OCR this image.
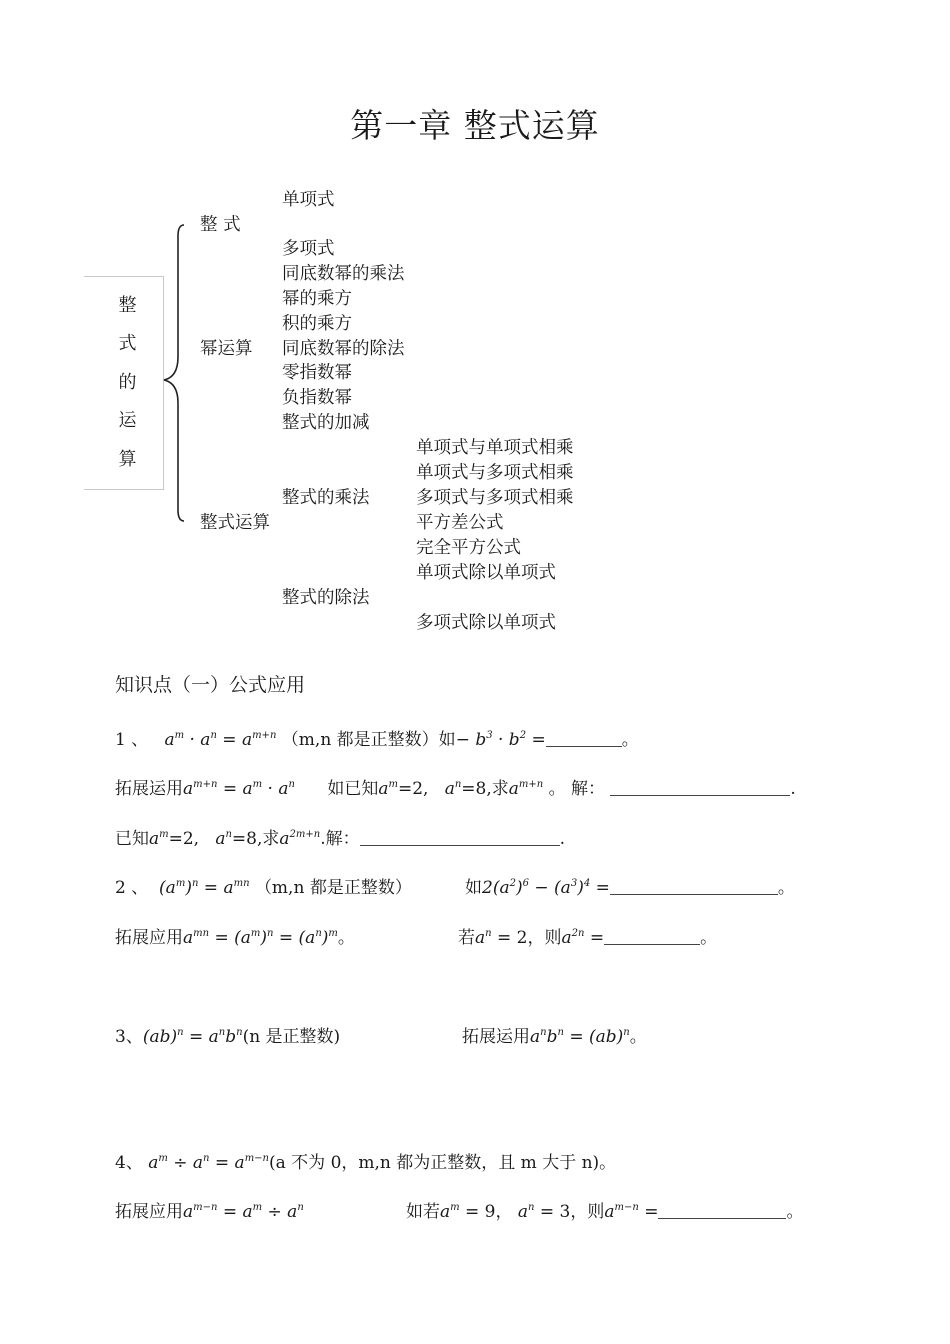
第一章 整式运算
整
式
的
运
算
整 式
幂运算
整式运算
单项式
多项式
同底数幂的乘法
幂的乘方
积的乘方
同底数幂的除法
零指数幂
负指数幂
整式的加减
整式的乘法
整式的除法
单项式与单项式相乘
单项式与多项式相乘
多项式与多项式相乘
平方差公式
完全平方公式
单项式除以单项式
多项式除以单项式
知识点（一）公式应用
1 、 $a^m \cdot a^n = a^{m+n}$ （m,n 都是正整数）如− $b^3 \cdot b^2$ =	。
拓展运用$a^{m+n} = a^m \cdot a^n$ 如已知$a^m=2$, $a^n=8$,求$a^{m+n}$ 。 解：	.
已知$a^m=2$, $a^n=8$,求$a^{2m+n}$.解：	.
2 、 $(a^m)^n = a^{mn}$ （m,n 都是正整数）	如$2(a^2)^6 - (a^3)^4$ =	。
拓展应用$a^{mn} = (a^m)^n = (a^n)^m$。	若$a^n = 2$，则$a^{2n}$ =	。
3、$(ab)^n = a^nb^n(n$ 是正整数)	拓展运用$a^nb^n = (ab)^n$。
4、 $a^m \div a^n = a^{m-n}(a$ 不为 0，m,n 都为正整数，且 m 大于 n)。
拓展应用$a^{m-n} = a^m \div a^n$	如若$a^m = 9$， $a^n = 3$，则$a^{m-n}$ =	。
